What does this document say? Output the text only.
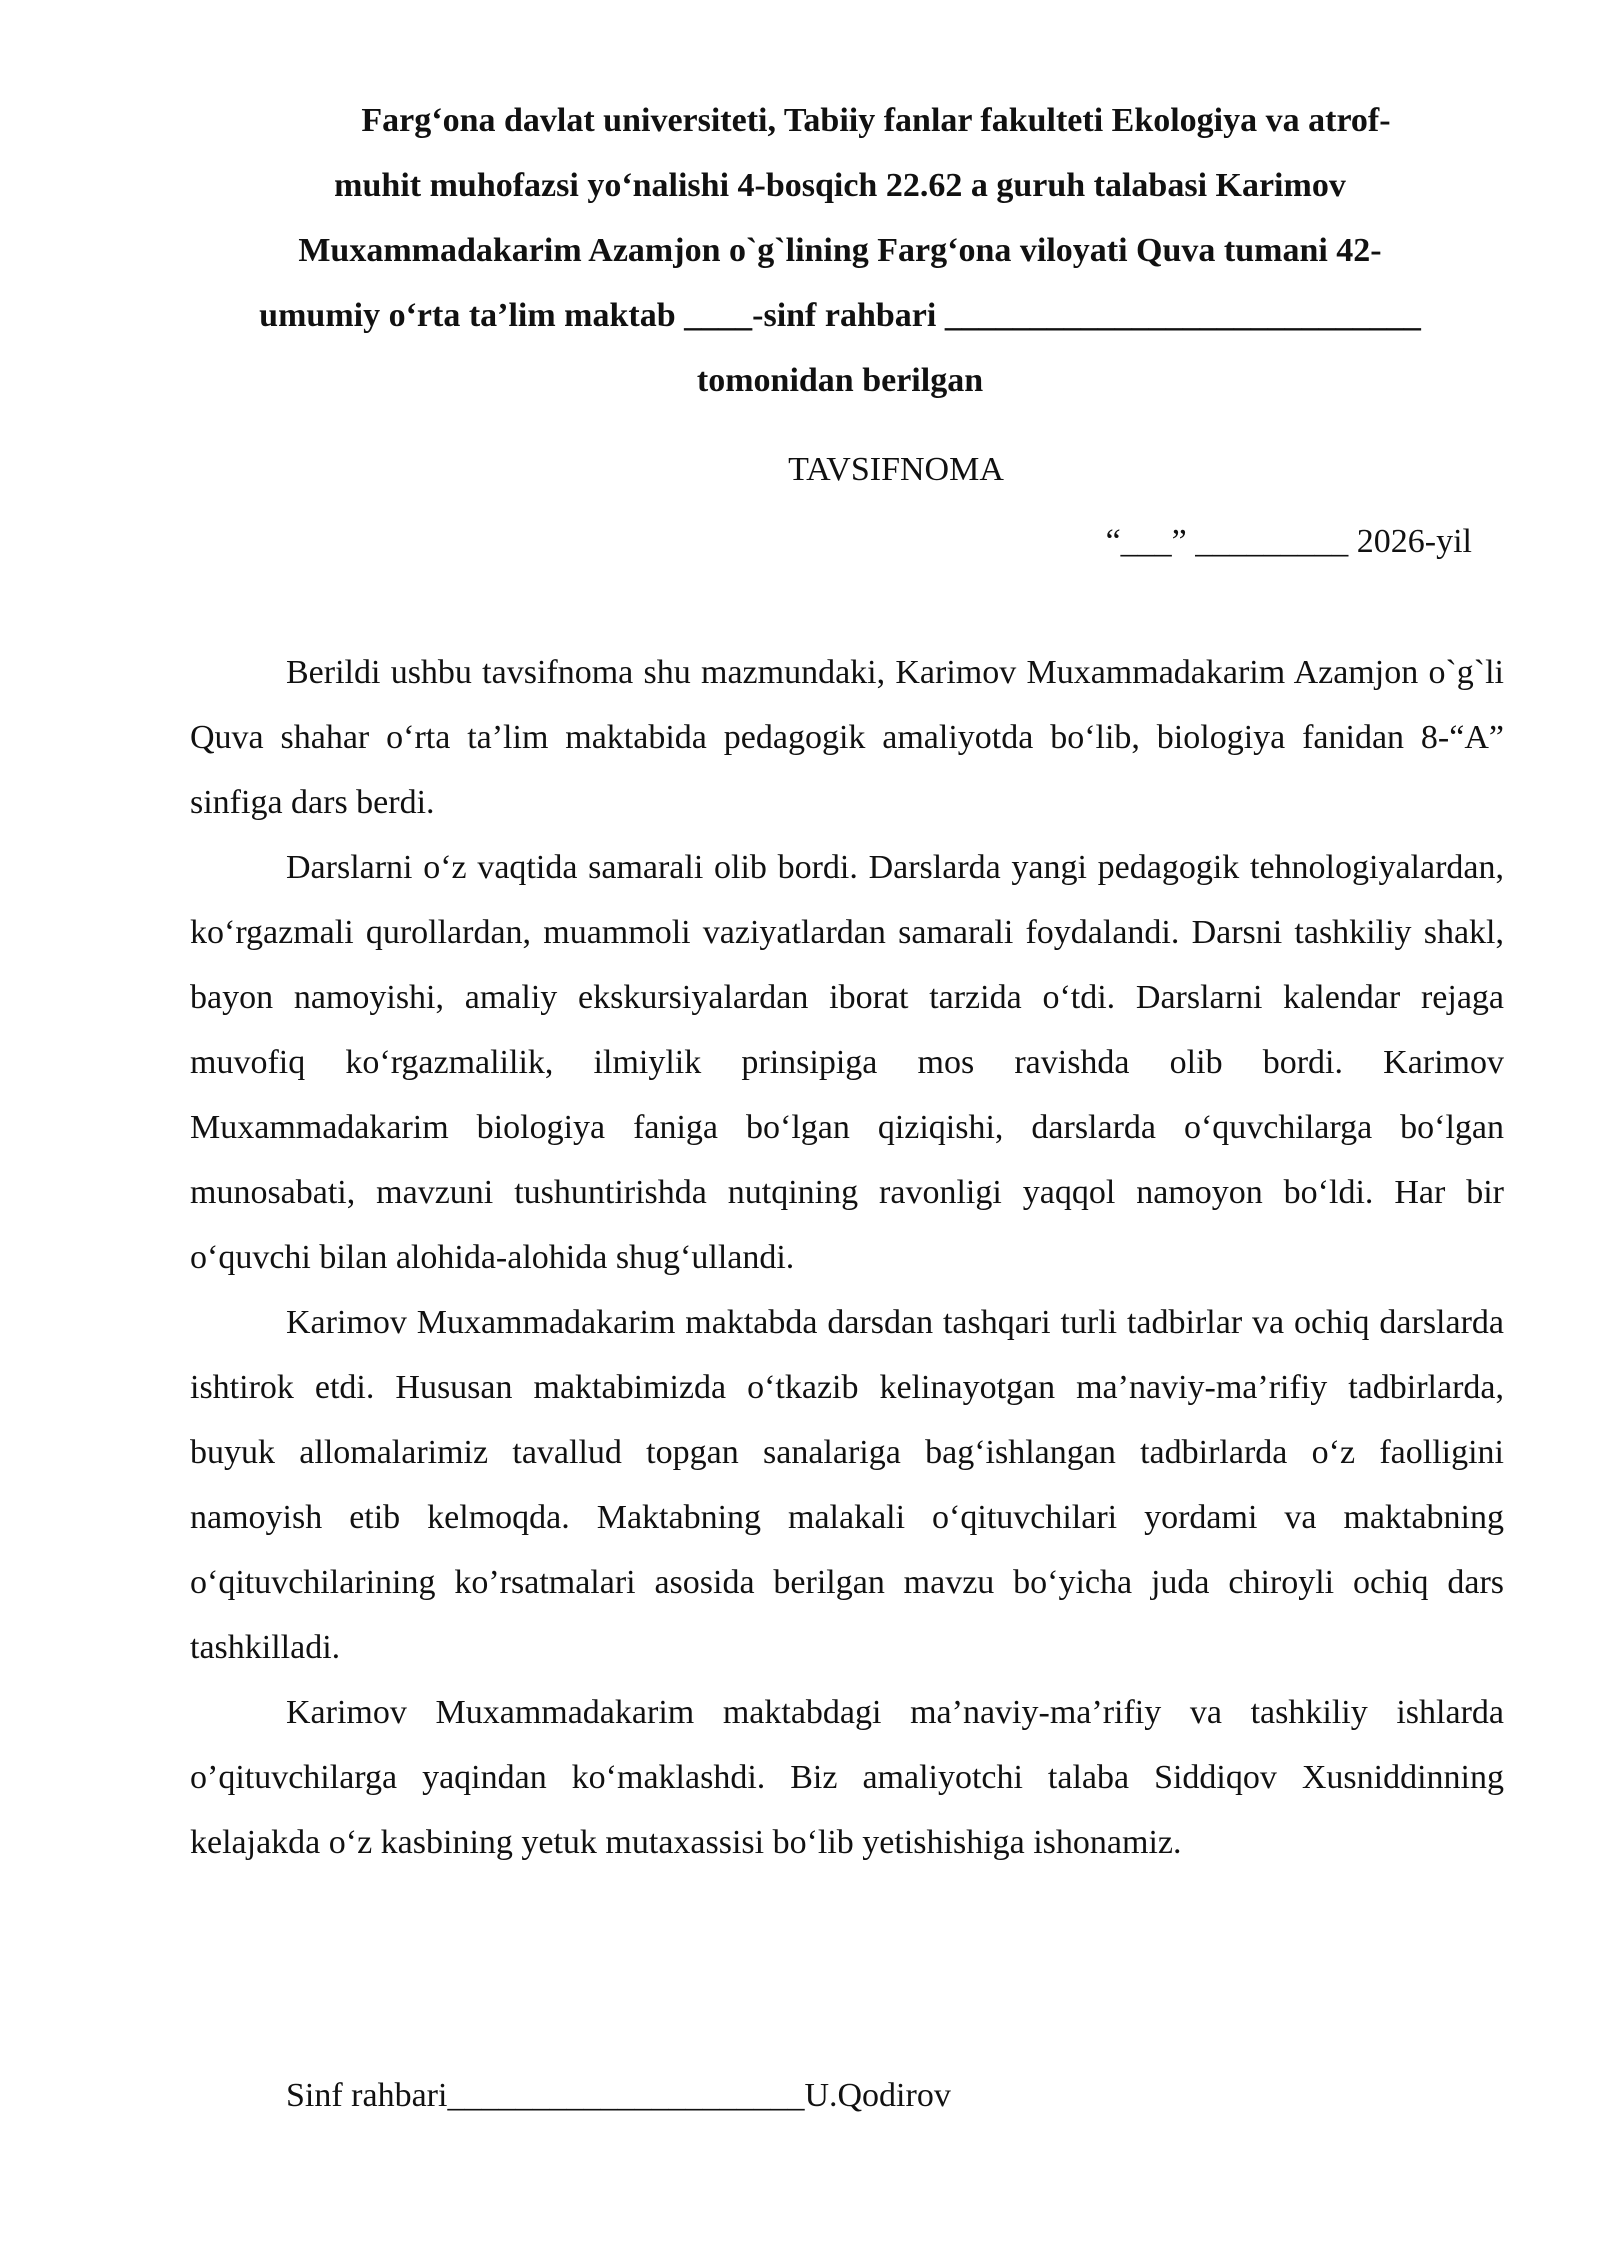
Farg‘ona davlat universiteti, Tabiiy fanlar fakulteti Ekologiya va atrof-
muhit muhofazsi yo‘nalishi 4-bosqich 22.62 a guruh talabasi Karimov
Muxammadakarim Azamjon o`g`lining Farg‘ona viloyati Quva tumani 42-
umumiy o‘rta ta’lim maktab ____-sinf rahbari ____________________________
tomonidan berilgan
TAVSIFNOMA
“___” _________ 2026-yil

Berildi ushbu tavsifnoma shu mazmundaki, Karimov Muxammadakarim Azamjon o`g`li Quva shahar o‘rta ta’lim maktabida pedagogik amaliyotda bo‘lib, biologiya fanidan 8-“A” sinfiga dars berdi.

Darslarni o‘z vaqtida samarali olib bordi. Darslarda yangi pedagogik tehnologiyalardan, ko‘rgazmali qurollardan, muammoli vaziyatlardan samarali foydalandi. Darsni tashkiliy shakl, bayon namoyishi, amaliy ekskursiyalardan iborat tarzida o‘tdi. Darslarni kalendar rejaga muvofiq ko‘rgazmalilik, ilmiylik prinsipiga mos ravishda olib bordi. Karimov Muxammadakarim biologiya faniga bo‘lgan qiziqishi, darslarda o‘quvchilarga bo‘lgan munosabati, mavzuni tushuntirishda nutqining ravonligi yaqqol namoyon bo‘ldi. Har bir o‘quvchi bilan alohida-alohida shug‘ullandi.

Karimov Muxammadakarim maktabda darsdan tashqari turli tadbirlar va ochiq darslarda ishtirok etdi. Hususan maktabimizda o‘tkazib kelinayotgan ma’naviy-ma’rifiy tadbirlarda, buyuk allomalarimiz tavallud topgan sanalariga bag‘ishlangan tadbirlarda o‘z faolligini namoyish etib kelmoqda. Maktabning malakali o‘qituvchilari yordami va maktabning o‘qituvchilarining ko’rsatmalari asosida berilgan mavzu bo‘yicha juda chiroyli ochiq dars tashkilladi.

Karimov Muxammadakarim maktabdagi ma’naviy-ma’rifiy va tashkiliy ishlarda o’qituvchilarga yaqindan ko‘maklashdi. Biz amaliyotchi talaba Siddiqov Xusniddinning kelajakda o‘z kasbining yetuk mutaxassisi bo‘lib yetishishiga ishonamiz.

Sinf rahbari_____________________U.Qodirov
